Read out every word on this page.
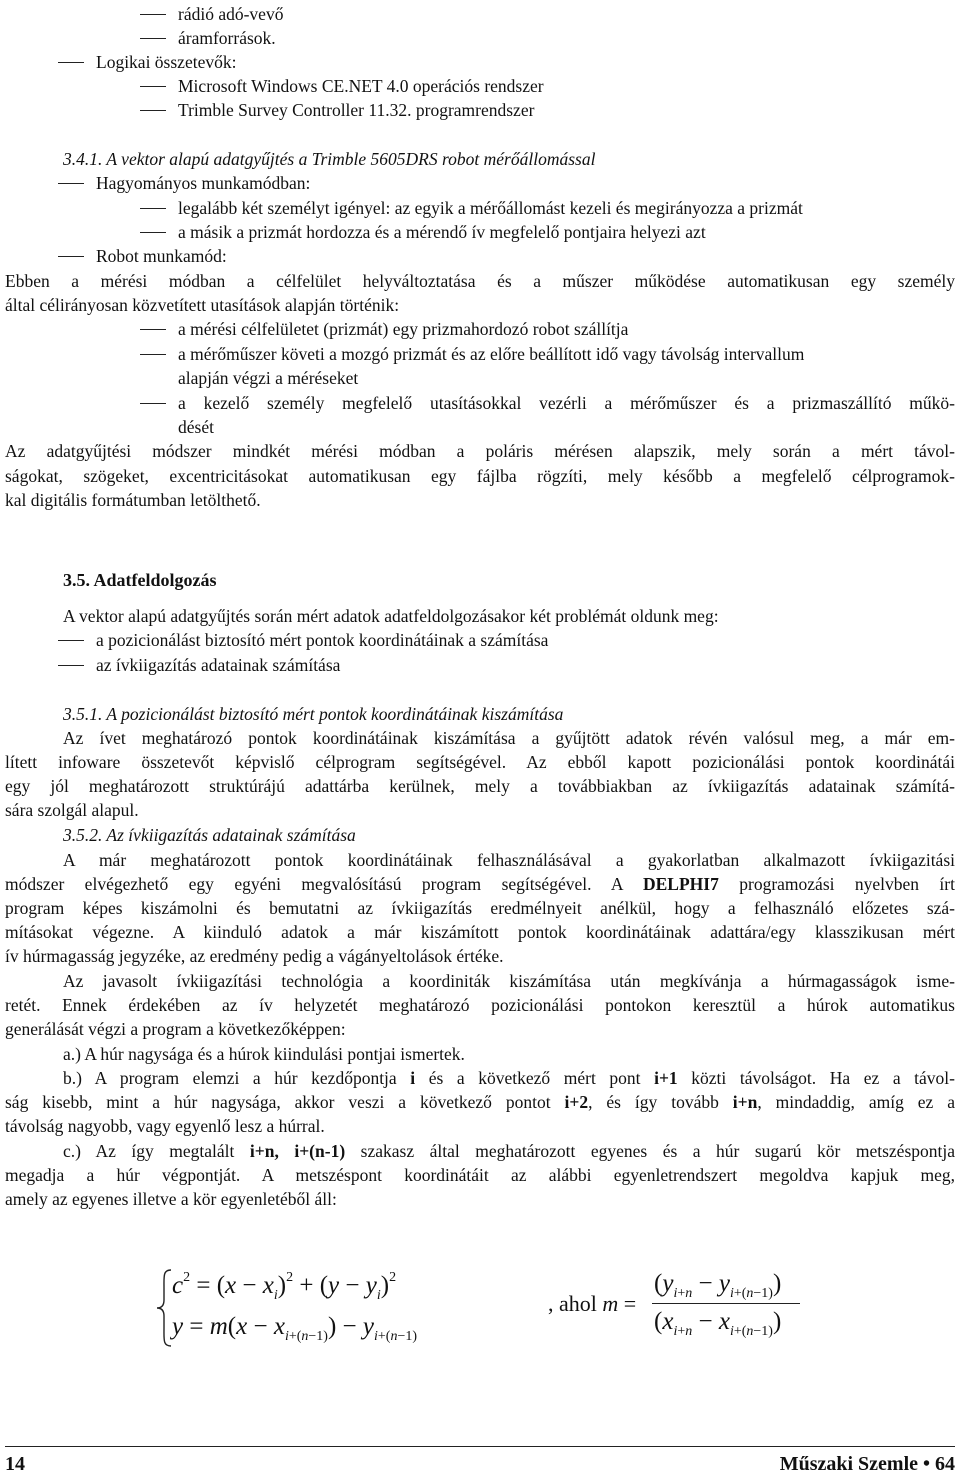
rádió adó-vevő
áramforrások.
Logikai összetevők:
Microsoft Windows CE.NET 4.0 operációs rendszer
Trimble Survey Controller 11.32. programrendszer
3.4.1. A vektor alapú adatgyűjtés a Trimble 5605DRS robot mérőállomással
Hagyományos munkamódban:
legalább két személyt igényel: az egyik a mérőállomást kezeli és megirányozza a prizmát
a másik a prizmát hordozza és a mérendő ív megfelelő pontjaira helyezi azt
Robot munkamód:
Ebben a mérési módban a célfelület helyváltoztatása és a műszer működése automatikusan egy személy
által célirányosan közvetített utasítások alapján történik:
a mérési célfelületet (prizmát) egy prizmahordozó robot szállítja
a mérőműszer követi a mozgó prizmát és az előre beállított idő vagy távolság intervallum
alapján végzi a méréseket
a kezelő személy megfelelő utasításokkal vezérli a mérőműszer és a prizmaszállító műkö-
dését
Az adatgyűjtési módszer mindkét mérési módban a poláris mérésen alapszik, mely során a mért távol-
ságokat, szögeket, excentricitásokat automatikusan egy fájlba rögzíti, mely később a megfelelő célprogramok-
kal digitális formátumban letölthető.
3.5. Adatfeldolgozás
A vektor alapú adatgyűjtés során mért adatok adatfeldolgozásakor két problémát oldunk meg:
a pozicionálást biztosító mért pontok koordinátáinak a számítása
az ívkiigazítás adatainak számítása
3.5.1. A pozicionálást biztosító mért pontok koordinátáinak kiszámítása
Az ívet meghatározó pontok koordinátáinak kiszámítása a gyűjtött adatok révén valósul meg, a már em-
lített infoware összetevőt képvislő célprogram segítségével. Az ebből kapott pozicionálási pontok koordinátái
egy jól meghatározott struktúrájú adattárba kerülnek, mely a továbbiakban az ívkiigazítás adatainak számítá-
sára szolgál alapul.
3.5.2. Az ívkiigazítás adatainak számítása
A már meghatározott pontok koordinátáinak felhasználásával a gyakorlatban alkalmazott ívkiigazitási
módszer elvégezhető egy egyéni megvalósítású program segítségével. A DELPHI7 programozási nyelvben írt
program képes kiszámolni és bemutatni az ívkiigazítás eredmélnyeit anélkül, hogy a felhasználó előzetes szá-
mításokat végezne. A kiinduló adatok a már kiszámított pontok koordinátáinak adattára/egy klasszikusan mért
ív húrmagasság jegyzéke, az eredmény pedig a vágányeltolások értéke.
Az javasolt ívkiigazítási technológia a koordiniták kiszámítása után megkívánja a húrmagasságok isme-
retét. Ennek érdekében az ív helyzetét meghatározó pozicionálási pontokon keresztül a húrok automatikus
generálását végzi a program a következőképpen:
a.) A húr nagysága és a húrok kiindulási pontjai ismertek.
b.) A program elemzi a húr kezdőpontja i és a következő mért pont i+1 közti távolságot. Ha ez a távol-
ság kisebb, mint a húr nagysága, akkor veszi a következő pontot i+2, és így tovább i+n, mindaddig, amíg ez a
távolság nagyobb, vagy egyenlő lesz a húrral.
c.) Az így megtalált i+n, i+(n-1) szakasz által meghatározott egyenes és a húr sugarú kör metszéspontja
megadja a húr végpontját. A metszéspont koordinátáit az alábbi egyenletrendszert megoldva kapjuk meg,
amely az egyenes illetve a kör egyenletéből áll:
$c^2 = (x - x_i)^2 + (y - y_i)^2$
$y = m(x - x_{i+(n-1)}) - y_{i+(n-1)}$
, ahol m =
$(y_{i+n} - y_{i+(n-1)})$
$(x_{i+n} - x_{i+(n-1)})$
14	Műszaki Szemle • 64
